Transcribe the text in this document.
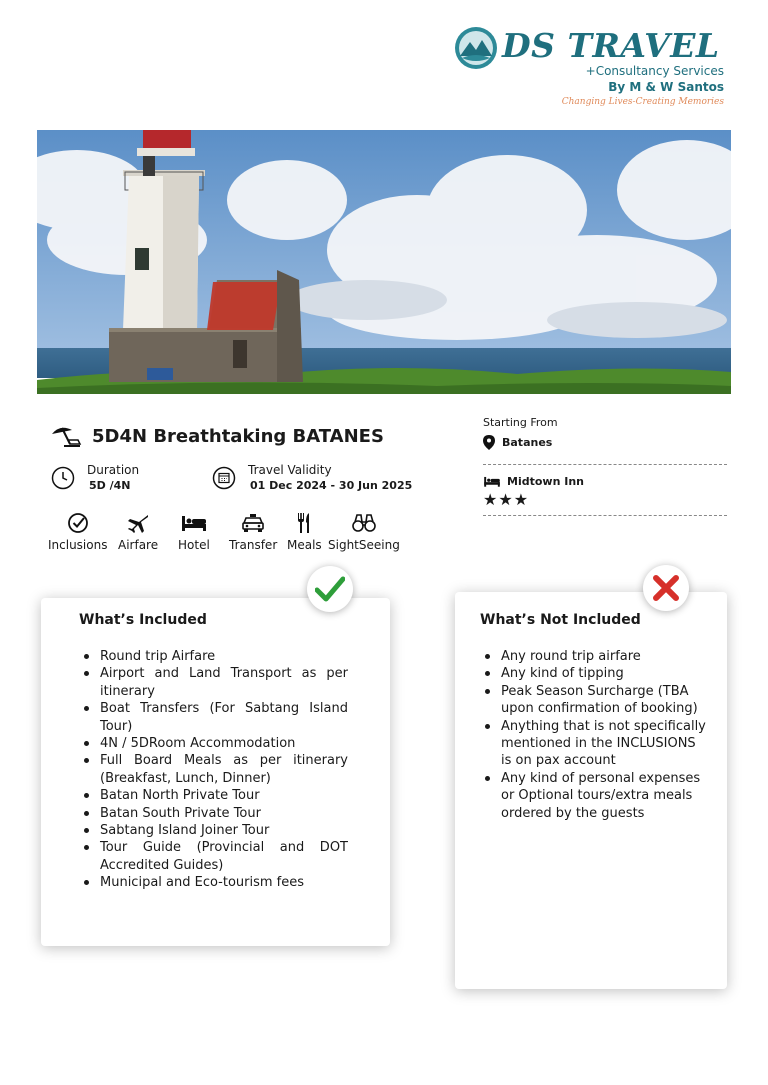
DS TRAVEL
+Consultancy Services
By M & W Santos
Changing Lives-Creating Memories
5D4N Breathtaking BATANES
Duration
5D /4N
Travel Validity
01 Dec 2024 - 30 Jun 2025
Inclusions Airfare Hotel Transfer Meals SightSeeing
Starting From
Batanes
Midtown Inn
★★★
What’s Included
Round trip Airfare
Airport and Land Transport as per itinerary
Boat Transfers (For Sabtang Island Tour)
4N / 5DRoom Accommodation
Full Board Meals as per itinerary (Breakfast, Lunch, Dinner)
Batan North Private Tour
Batan South Private Tour
Sabtang Island Joiner Tour
Tour Guide (Provincial and DOT Accredited Guides)
Municipal and Eco-tourism fees
What’s Not Included
Any round trip airfare
Any kind of tipping
Peak Season Surcharge (TBA upon confirmation of booking)
Anything that is not specifically mentioned in the INCLUSIONS is on pax account
Any kind of personal expenses or Optional tours/extra meals ordered by the guests
